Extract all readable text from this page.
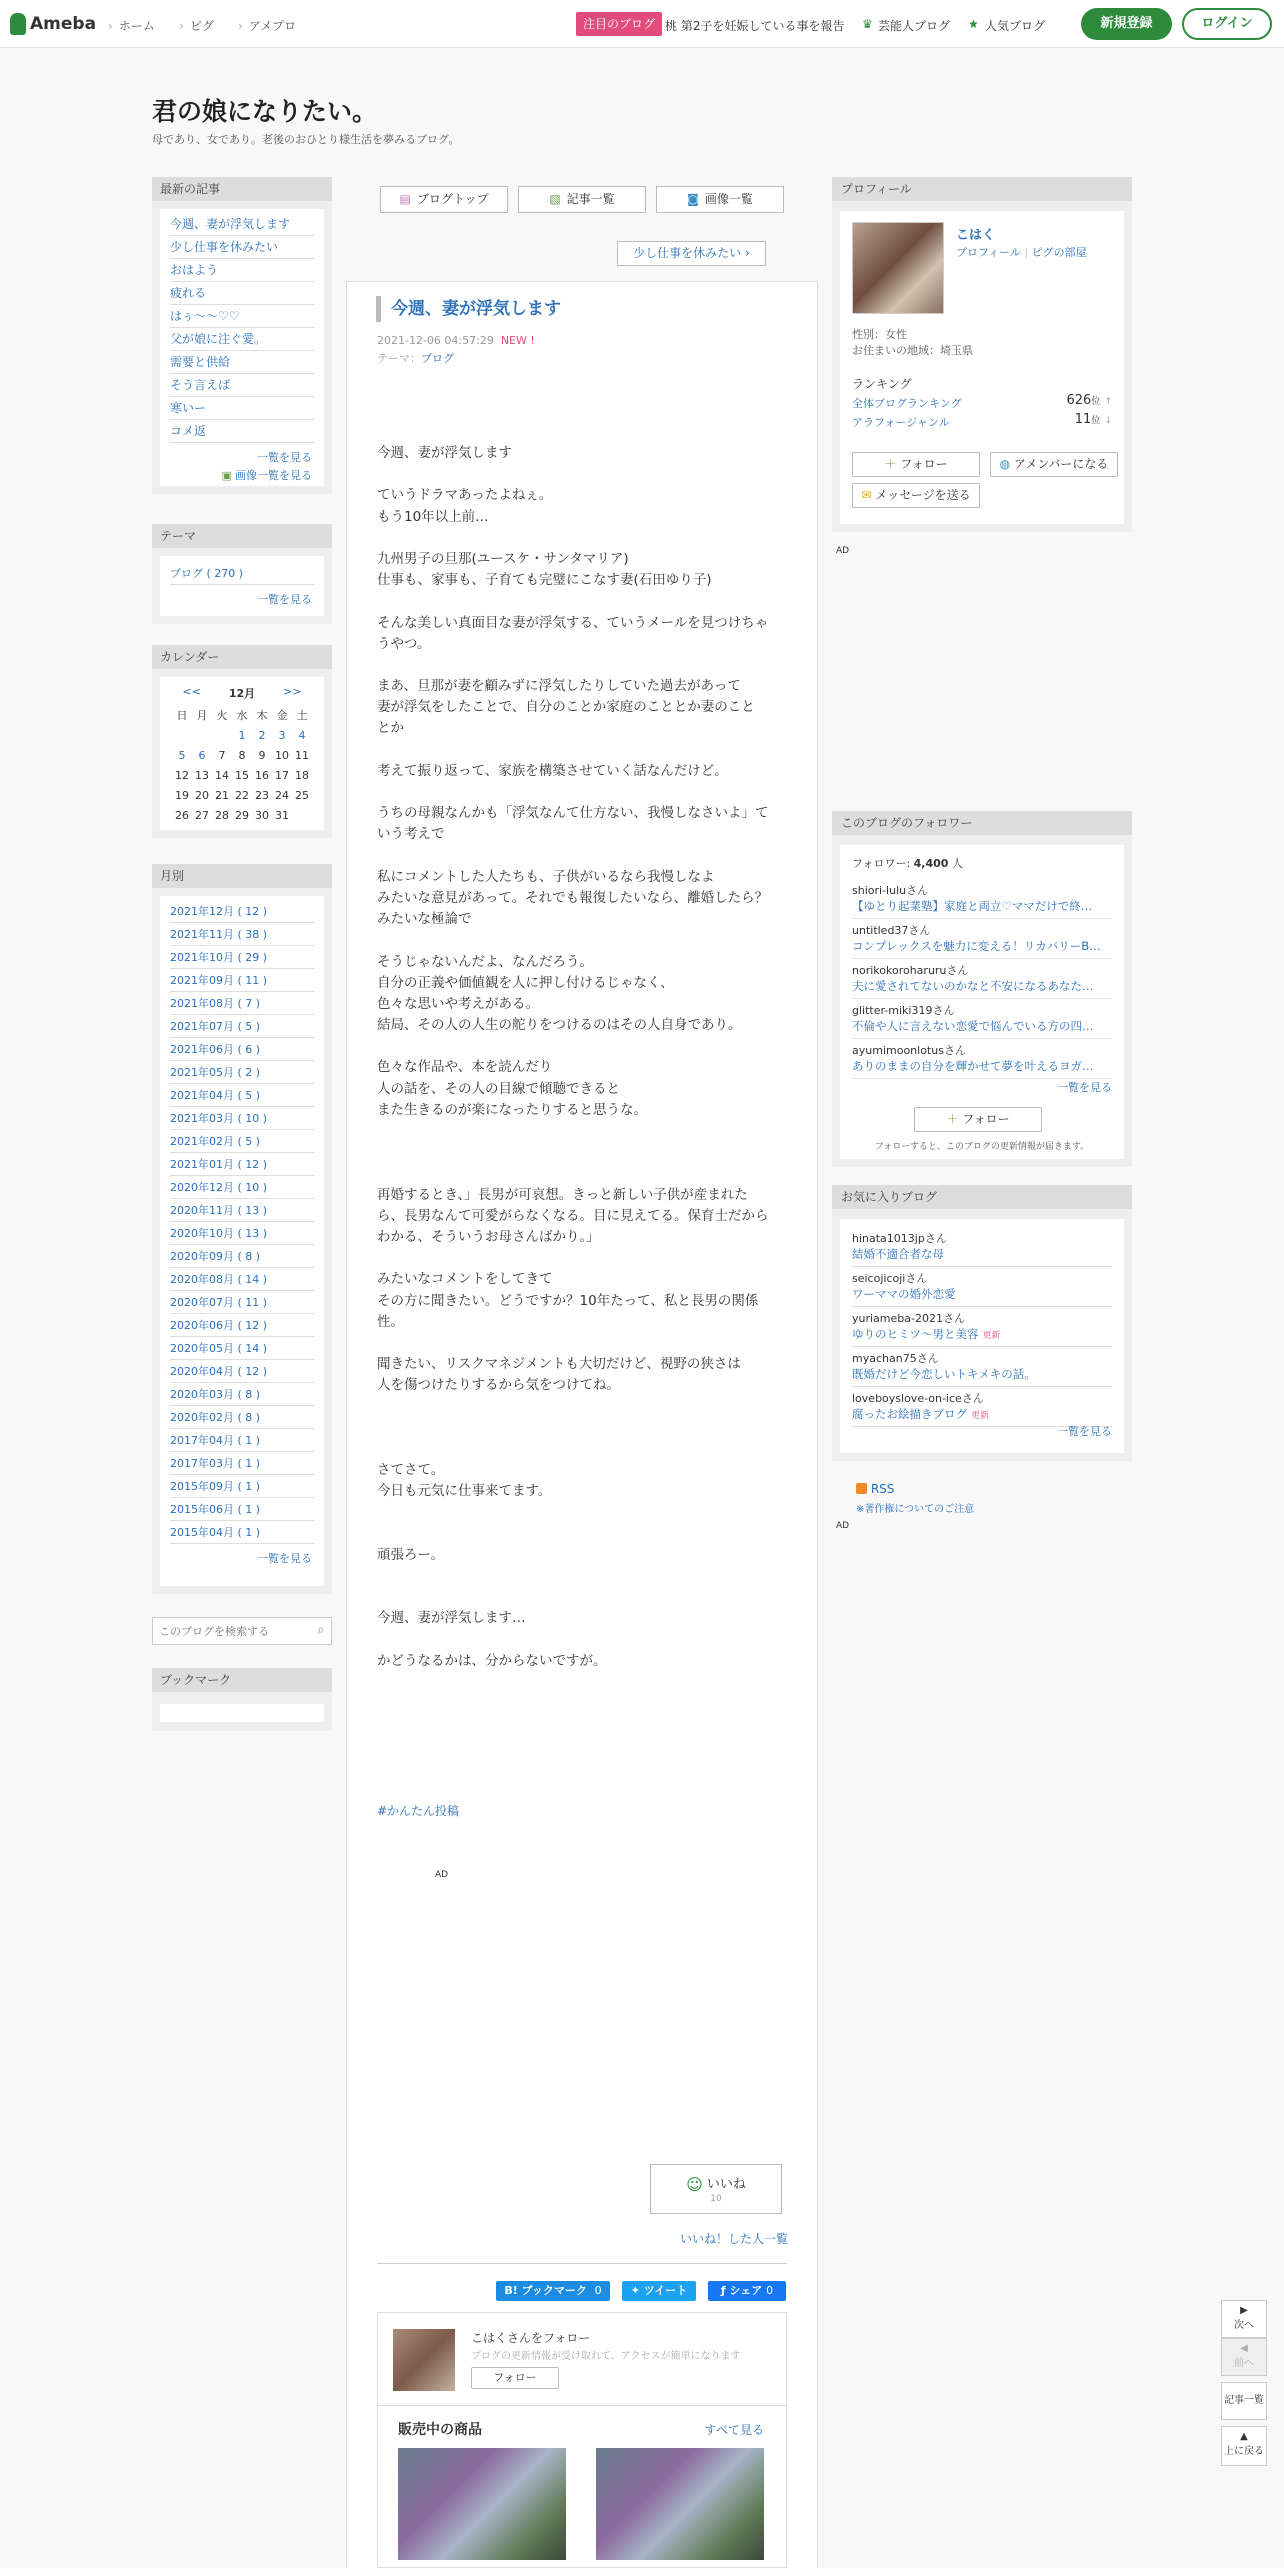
Ameba	› ホーム	› ピグ	› アメプロ	注目のブログ 桃 第2子を妊娠している事を報告 ♛ 芸能人ブログ ★ 人気ブログ	新規登録	ログイン
君の娘になりたい。
母であり、女であり。老後のおひとり様生活を夢みるブログ。
最新の記事
今週、妻が浮気します
少し仕事を休みたい
おはよう
疲れる
はぅ〜〜♡♡
父が娘に注ぐ愛。
需要と供給
そう言えば
寒いー
コメ返
一覧を見る
▣ 画像一覧を見る
テーマ
ブログ ( 270 )
一覧を見る
カレンダー
<<	12月	>>
日	月	火	水	木	金	土
			1	2	3	4
5	6	7	8	9	10	11
12	13	14	15	16	17	18
19	20	21	22	23	24	25
26	27	28	29	30	31	
月別
2021年12月 ( 12 )
2021年11月 ( 38 )
2021年10月 ( 29 )
2021年09月 ( 11 )
2021年08月 ( 7 )
2021年07月 ( 5 )
2021年06月 ( 6 )
2021年05月 ( 2 )
2021年04月 ( 5 )
2021年03月 ( 10 )
2021年02月 ( 5 )
2021年01月 ( 12 )
2020年12月 ( 10 )
2020年11月 ( 13 )
2020年10月 ( 13 )
2020年09月 ( 8 )
2020年08月 ( 14 )
2020年07月 ( 11 )
2020年06月 ( 12 )
2020年05月 ( 14 )
2020年04月 ( 12 )
2020年03月 ( 8 )
2020年02月 ( 8 )
2017年04月 ( 1 )
2017年03月 ( 1 )
2015年09月 ( 1 )
2015年06月 ( 1 )
2015年04月 ( 1 )
一覧を見る
このブログを検索する
⌕
ブックマーク
▤ ブログトップ	▧ 記事一覧	◙ 画像一覧
少し仕事を休みたい ›
今週、妻が浮気します
2021-12-06 04:57:29 NEW !
テーマ：ブログ
今週、妻が浮気します
ていうドラマあったよねぇ。
もう10年以上前…
九州男子の旦那(ユースケ・サンタマリア)
仕事も、家事も、子育ても完璧にこなす妻(石田ゆり子)
そんな美しい真面目な妻が浮気する、ていうメールを見つけちゃ
うやつ。
まあ、旦那が妻を顧みずに浮気したりしていた過去があって
妻が浮気をしたことで、自分のことか家庭のこととか妻のこと
とか
考えて振り返って、家族を構築させていく話なんだけど。
うちの母親なんかも「浮気なんて仕方ない、我慢しなさいよ」て
いう考えで
私にコメントした人たちも、子供がいるなら我慢しなよ
みたいな意見があって。それでも報復したいなら、離婚したら？
みたいな極論で
そうじゃないんだよ、なんだろう。
自分の正義や価値観を人に押し付けるじゃなく、
色々な思いや考えがある。
結局、その人の人生の舵りをつけるのはその人自身であり。
色々な作品や、本を読んだり
人の話を、その人の目線で傾聴できると
また生きるのが楽になったりすると思うな。
再婚するとき、」長男が可哀想。きっと新しい子供が産まれた
ら、長男なんて可愛がらなくなる。目に見えてる。保育士だから
わかる、そういうお母さんばかり。」
みたいなコメントをしてきて
その方に聞きたい。どうですか？10年たって、私と長男の関係
性。
聞きたい、リスクマネジメントも大切だけど、視野の狭さは
人を傷つけたりするから気をつけてね。
さてさて。
今日も元気に仕事来てます。
頑張ろー。
今週、妻が浮気します…
かどうなるかは、分からないですが。
#かんたん投稿
AD
☺ いいね
10
いいね！した人一覧
B! ブックマーク 0	✦ ツイート	ƒ シェア 0
こはくさんをフォロー
ブログの更新情報が受け取れて、アクセスが簡単になります
フォロー
販売中の商品	すべて見る
プロフィール
こはく
プロフィール | ピグの部屋
性別：女性
お住まいの地域：埼玉県
ランキング
全体ブログランキング	626位 ↑
アラフォージャンル	11位 ↓
＋ フォロー	◍ アメンバーになる
✉ メッセージを送る
AD
このブログのフォロワー
フォロワー: 4,400 人
shiori-luluさん
【ゆとり起業塾】家庭と両立♡ママだけで終…
untitled37さん
コンプレックスを魅力に変える！リカバリーB…
norikokoroharuruさん
夫に愛されてないのかなと不安になるあなた…
glitter-miki319さん
不倫や人に言えない恋愛で悩んでいる方の四…
ayumimoonlotusさん
ありのままの自分を輝かせて夢を叶えるヨガ…
一覧を見る
＋ フォロー
フォローすると、このブログの更新情報が届きます。
お気に入りブログ
hinata1013jpさん
結婚不適合者な母
seicojicojiさん
ワーママの婚外恋愛
yuriameba-2021さん
ゆりのヒミツ〜男と美容 更新
myachan75さん
既婚だけど今恋しいトキメキの話。
loveboyslove-on-iceさん
腐ったお絵描きブログ 更新
一覧を見る
RSS
※著作権についてのご注意
AD
▶
次へ
◀
前へ
記事一覧
▲
上に戻る
